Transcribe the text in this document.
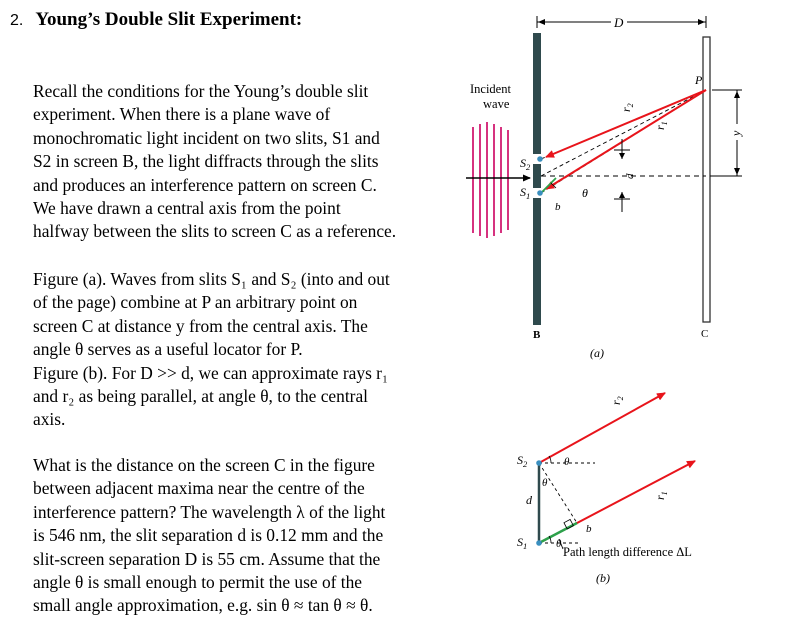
2. Young’s Double Slit Experiment:
Recall the conditions for the Young’s double slit
experiment. When there is a plane wave of
monochromatic light incident on two slits, S1 and
S2 in screen B, the light diffracts through the slits
and produces an interference pattern on screen C.
We have drawn a central axis from the point
halfway between the slits to screen C as a reference.
Figure (a). Waves from slits S₁ and S₂ (into and out
of the page) combine at P an arbitrary point on
screen C at distance y from the central axis. The
angle θ serves as a useful locator for P.
Figure (b). For D >> d, we can approximate rays r₁
and r₂ as being parallel, at angle θ, to the central
axis.
What is the distance on the screen C in the figure
between adjacent maxima near the centre of the
interference pattern? The wavelength λ of the light
is 546 nm, the slit separation d is 0.12 mm and the
slit-screen separation D is 55 cm. Assume that the
angle θ is small enough to permit the use of the
small angle approximation, e.g. sin θ ≈ tan θ ≈ θ.
Incident
wave
D
$S_2$
$S_1$
b
θ
$r_2$
$r_1$
d
P
y
B	C
(a)
$S_2$
$S_1$
d
θ
θ
θ
b
$r_2$
$r_1$
Path length difference ΔL
(b)
